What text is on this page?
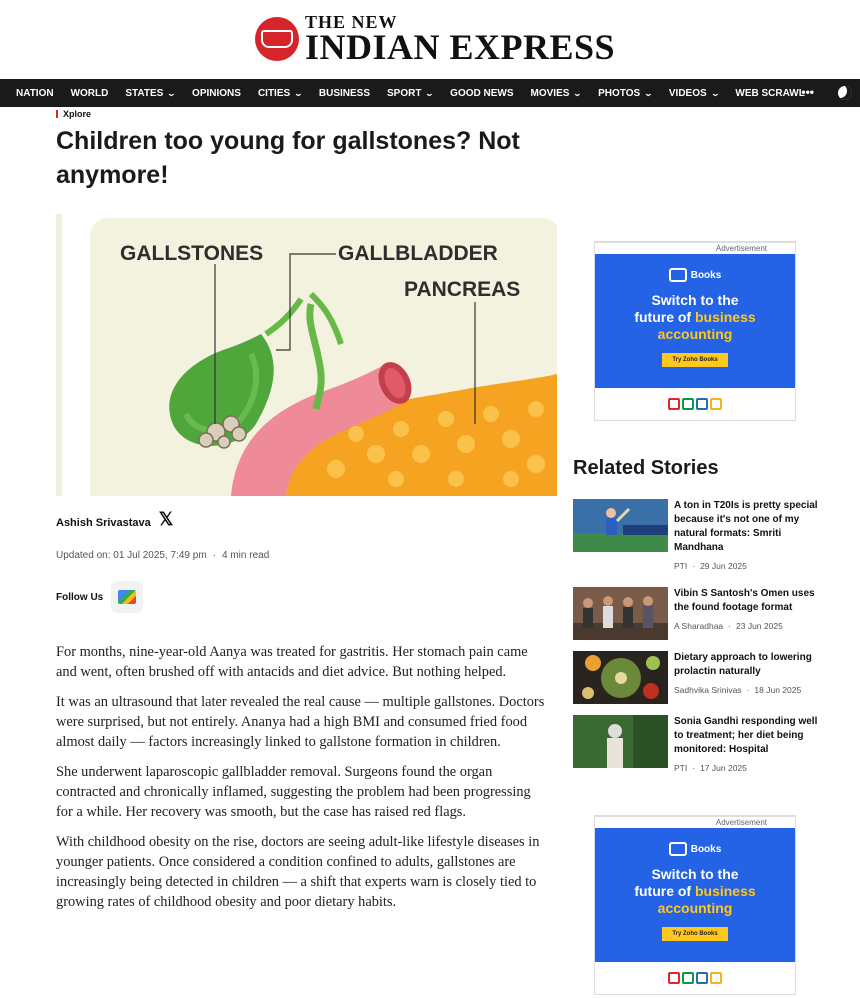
THE NEW
INDIAN EXPRESS
NATION WORLD STATES ⌄ OPINIONS CITIES ⌄ BUSINESS SPORT ⌄ GOOD NEWS MOVIES ⌄ PHOTOS ⌄ VIDEOS ⌄ WEB SCRAWL
•••
Xplore
Children too young for gallstones? Not anymore!
GALLSTONES	GALLBLADDER
PANCREAS
Ashish Srivastava 𝕏
Updated on: 01 Jul 2025, 7:49 pm · 4 min read
Follow Us

For months, nine-year-old Aanya was treated for gastritis. Her stomach pain came and went, often brushed off with antacids and diet advice. But nothing helped.

It was an ultrasound that later revealed the real cause — multiple gallstones. Doctors were surprised, but not entirely. Ananya had a high BMI and consumed fried food almost daily — factors increasingly linked to gallstone formation in children.

She underwent laparoscopic gallbladder removal. Surgeons found the organ contracted and chronically inflamed, suggesting the problem had been progressing for a while. Her recovery was smooth, but the case has raised red flags.

With childhood obesity on the rise, doctors are seeing adult-like lifestyle diseases in younger patients. Once considered a condition confined to adults, gallstones are increasingly being detected in children — a shift that experts warn is closely tied to growing rates of childhood obesity and poor dietary habits.

Advertisement
Books
Switch to the
future of business
accounting
Try Zoho Books
Related Stories
A ton in T20Is is pretty special because it's not one of my natural formats: Smriti Mandhana
PTI · 29 Jun 2025
Vibin S Santosh's Omen uses the found footage format
A Sharadhaa · 23 Jun 2025
Dietary approach to lowering prolactin naturally
Sadhvika Srinivas · 18 Jun 2025
Sonia Gandhi responding well to treatment; her diet being monitored: Hospital
PTI · 17 Jun 2025
Advertisement
Books
Switch to the
future of business
accounting
Try Zoho Books
